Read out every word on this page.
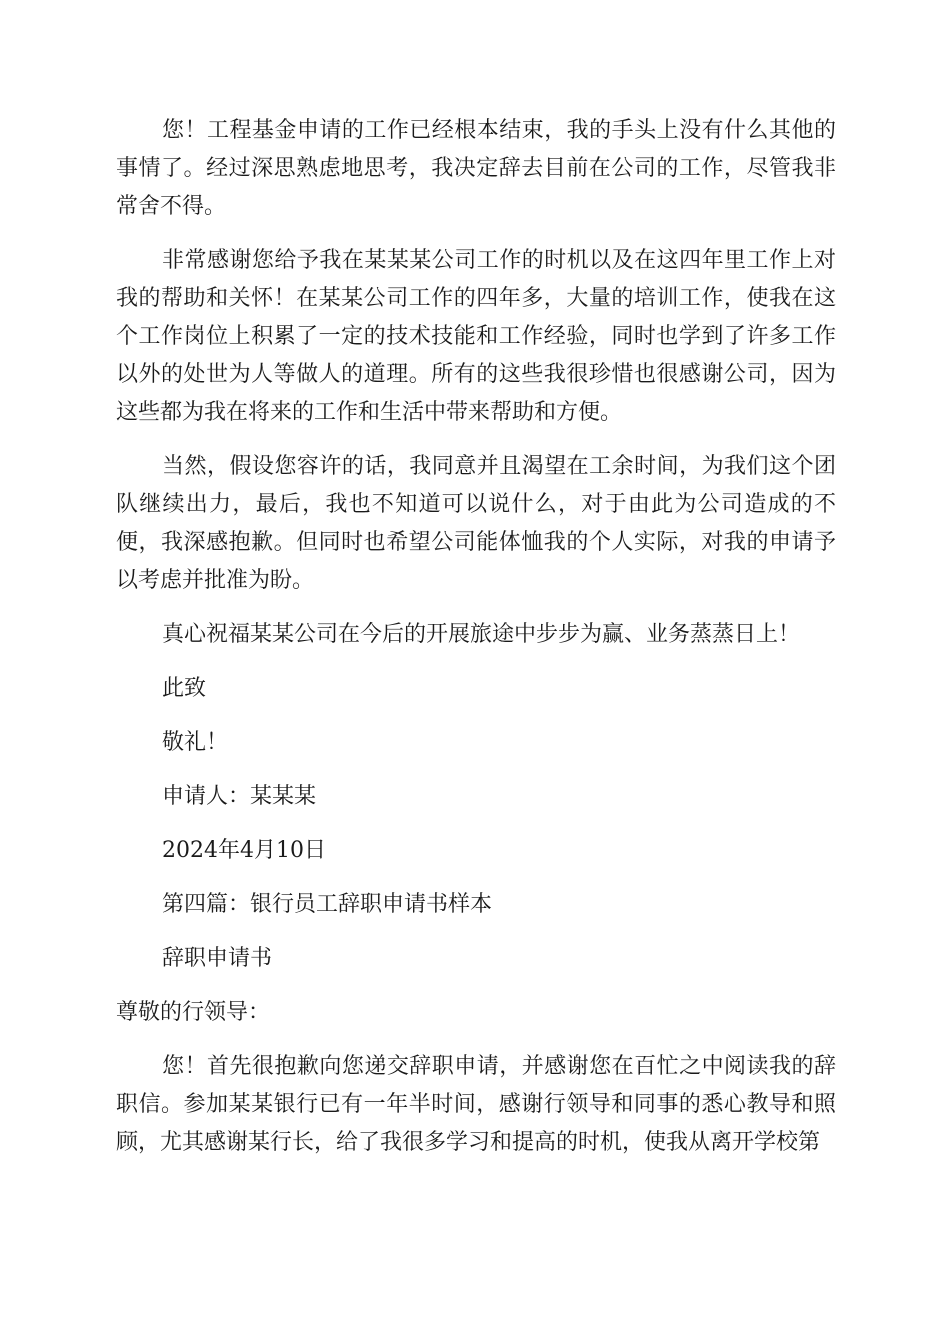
您！工程基金申请的工作已经根本结束，我的手头上没有什么其他的事情了。经过深思熟虑地思考，我决定辞去目前在公司的工作，尽管我非常舍不得。

非常感谢您给予我在某某某公司工作的时机以及在这四年里工作上对我的帮助和关怀！在某某公司工作的四年多，大量的培训工作，使我在这个工作岗位上积累了一定的技术技能和工作经验，同时也学到了许多工作以外的处世为人等做人的道理。所有的这些我很珍惜也很感谢公司，因为这些都为我在将来的工作和生活中带来帮助和方便。

当然，假设您容许的话，我同意并且渴望在工余时间，为我们这个团队继续出力，最后，我也不知道可以说什么，对于由此为公司造成的不便，我深感抱歉。但同时也希望公司能体恤我的个人实际，对我的申请予以考虑并批准为盼。

真心祝福某某公司在今后的开展旅途中步步为赢、业务蒸蒸日上！

此致

敬礼！

申请人：某某某

2024年4月10日

第四篇：银行员工辞职申请书样本

辞职申请书

尊敬的行领导：

您！首先很抱歉向您递交辞职申请，并感谢您在百忙之中阅读我的辞职信。参加某某银行已有一年半时间，感谢行领导和同事的悉心教导和照顾，尤其感谢某行长，给了我很多学习和提高的时机，使我从离开学校第
